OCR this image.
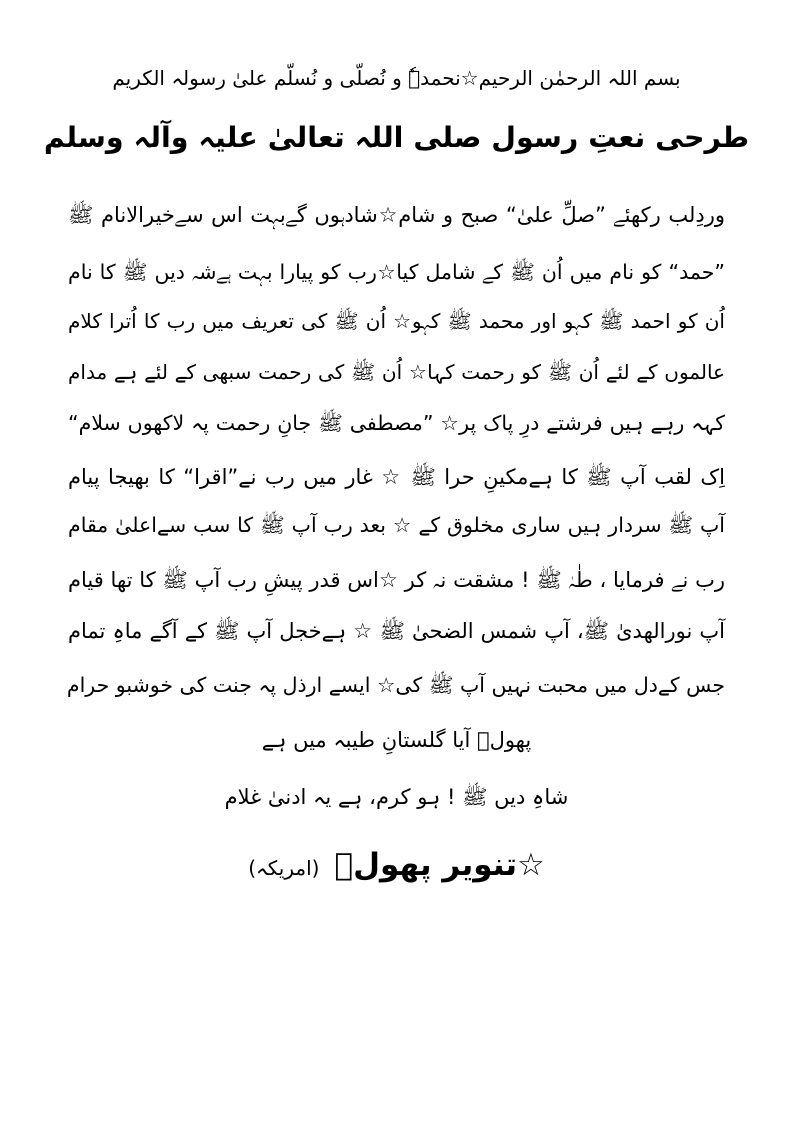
بسم اللہ الرحمٰن الرحیم☆نحمدہٗ و نُصلّی و نُسلّم علیٰ رسولہ الکریم
طرحی نعتِ رسول صلی اللہ تعالیٰ علیہ وآلہ وسلم
وردِلب رکھئے ”صلِّ علیٰ“ صبح و شام☆شادہوں گےبہت اس سےخیرالانام ﷺ
”حمد“ کو نام میں اُن ﷺ کے شامل کیا☆رب کو پیارا بہت ہےشہ دیں ﷺ کا نام
اُن کو احمد ﷺ کہو اور محمد ﷺ کہو☆ اُن ﷺ کی تعریف میں رب کا اُترا کلام
عالموں کے لئے اُن ﷺ کو رحمت کہا☆ اُن ﷺ کی رحمت سبھی کے لئے ہے مدام
کہہ رہے ہیں فرشتے درِ پاک پر☆ ”مصطفی ﷺ جانِ رحمت پہ لاکھوں سلام“
اِک لقب آپ ﷺ کا ہےمکینِ حرا ﷺ ☆ غار میں رب نے”اقرا“ کا بھیجا پیام
آپ ﷺ سردار ہیں ساری مخلوق کے ☆ بعد رب آپ ﷺ کا سب سےاعلیٰ مقام
رب نے فرمایا ، طٰہٰ ﷺ ! مشقت نہ کر ☆اس قدر پیشِ رب آپ ﷺ کا تھا قیام
آپ نورالھدیٰ ﷺ، آپ شمس الضحیٰ ﷺ ☆ ہےخجل آپ ﷺ کے آگے ماہِ تمام
جس کےدل میں محبت نہیں آپ ﷺ کی☆ ایسے ارذل پہ جنت کی خوشبو حرام
پھولؔ آیا گلستانِ طیبہ میں ہے
شاہِ دیں ﷺ ! ہو کرم، ہے یہ ادنیٰ غلام
☆تنویر پھولؔ (امریکہ)
